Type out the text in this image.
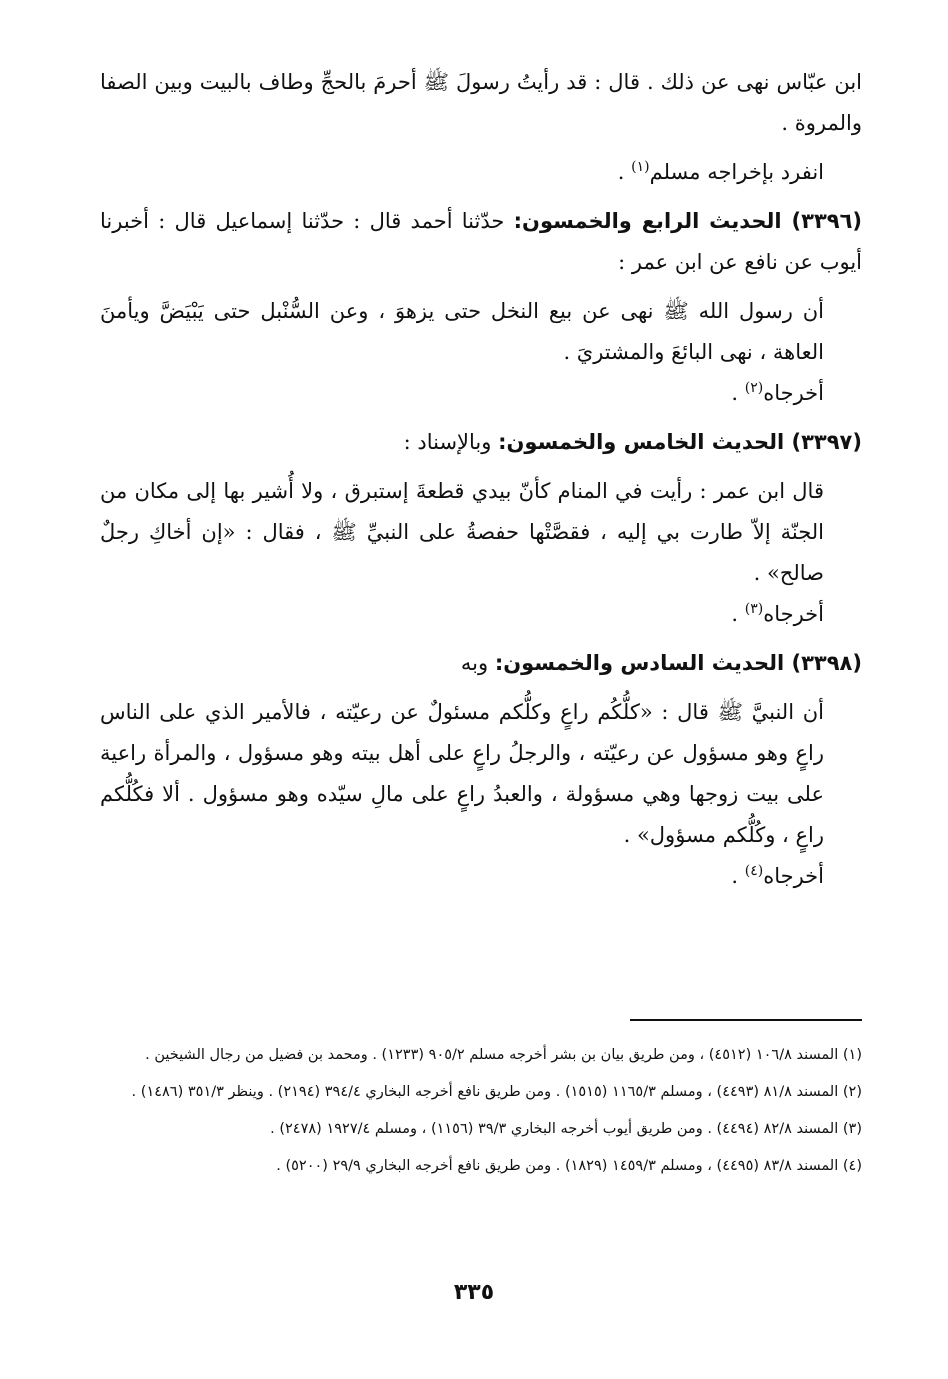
ابن عبّاس نهى عن ذلك . قال : قد رأيتُ رسولَ ﷺ أحرمَ بالحجِّ وطاف بالبيت وبين الصفا والمروة .

انفرد بإخراجه مسلم$^{(١)}$ .

(٣٣٩٦) الحديث الرابع والخمسون: حدّثنا أحمد قال : حدّثنا إسماعيل قال : أخبرنا أيوب عن نافع عن ابن عمر :

أن رسول الله ﷺ نهى عن بيع النخل حتى يزهوَ ، وعن السُّنْبل حتى يَبْيَضَّ ويأمنَ العاهة ، نهى البائعَ والمشتريَ .

أخرجاه$^{(٢)}$ .

(٣٣٩٧) الحديث الخامس والخمسون: وبالإسناد :

قال ابن عمر : رأيت في المنام كأنّ بيدي قطعةَ إستبرق ، ولا أُشير بها إلى مكان من الجنّة إلاّ طارت بي إليه ، فقصَّتْها حفصةُ على النبيِّ ﷺ ، فقال : «إن أخاكِ رجلٌ صالح» .

أخرجاه$^{(٣)}$ .

(٣٣٩٨) الحديث السادس والخمسون: وبه

أن النبيَّ ﷺ قال : «كلُّكُم راعٍ وكلُّكم مسئولٌ عن رعيّته ، فالأمير الذي على الناس راعٍ وهو مسؤول عن رعيّته ، والرجلُ راعٍ على أهل بيته وهو مسؤول ، والمرأة راعية على بيت زوجها وهي مسؤولة ، والعبدُ راعٍ على مالِ سيّده وهو مسؤول . ألا فكُلُّكم راعٍ ، وكُلُّكم مسؤول» .

أخرجاه$^{(٤)}$ .

(١) المسند ١٠٦/٨ (٤٥١٢) ، ومن طريق بيان بن بشر أخرجه مسلم ٩٠٥/٢ (١٢٣٣) . ومحمد بن فضيل من رجال الشيخين .

(٢) المسند ٨١/٨ (٤٤٩٣) ، ومسلم ١١٦٥/٣ (١٥١٥) . ومن طريق نافع أخرجه البخاري ٣٩٤/٤ (٢١٩٤) . وينظر ٣٥١/٣ (١٤٨٦) .

(٣) المسند ٨٢/٨ (٤٤٩٤) . ومن طريق أيوب أخرجه البخاري ٣٩/٣ (١١٥٦) ، ومسلم ١٩٢٧/٤ (٢٤٧٨) .

(٤) المسند ٨٣/٨ (٤٤٩٥) ، ومسلم ١٤٥٩/٣ (١٨٢٩) . ومن طريق نافع أخرجه البخاري ٢٩/٩ (٥٢٠٠) .

٣٣٥
